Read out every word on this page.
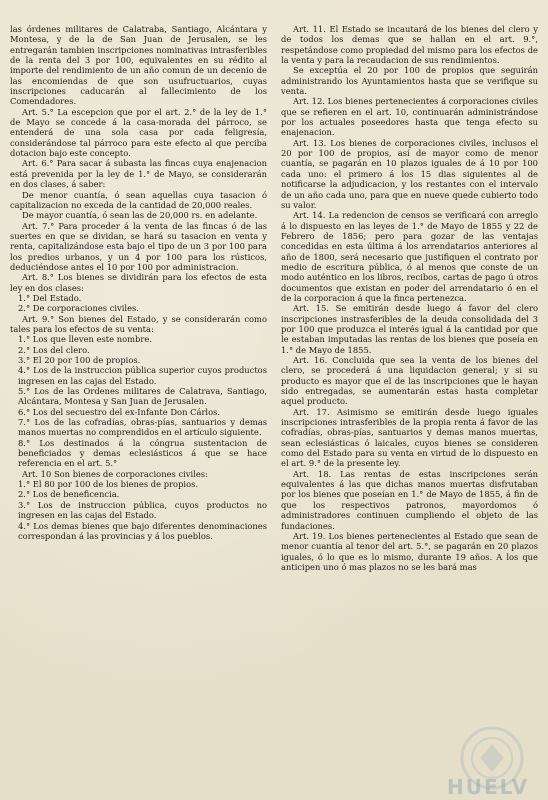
las órdenes militares de Calatraba, Santiago, Alcántara y Montesa, y de la de San Juan de Jerusalen, se les entregarán tambien inscripciones nominativas intrasferibles de la renta del 3 por 100, equivalentes en su rédito al importe del rendimiento de un año comun de un decenio de las encomiendas de que son usufructuarios, cuyas inscripciones caducarán al fallecimiento de los Comendadores.

Art. 5.° La escepcion que por el art. 2.° de la ley de 1.° de Mayo se concede á la casa-morada del párroco, se entenderá de una sola casa por cada feligresía, considerándose tal párroco para este efecto al que perciba dotacion bajo este concepto.

Art. 6.° Para sacar á subasta las fincas cuya enajenacion está prevenida por la ley de 1.° de Mayo, se considerarán en dos clases, á saber:

De menor cuantía, ó sean aquellas cuya tasacion ó capitalizacion no exceda de la cantidad de 20,000 reales.

De mayor cuantía, ó sean las de 20,000 rs. en adelante.

Art. 7.° Para proceder á la venta de las fincas ó de las suertes en que se dividan, se hará su tasacion en venta y renta, capitalizándose esta bajo el tipo de un 3 por 100 para los predios urbanos, y un 4 por 100 para los rústicos, deduciéndose antes el 10 por 100 por administracion.

Art. 8.° Los bienes se dividirán para los efectos de esta ley en dos clases:

1.° Del Estado.

2.° De corporaciones civiles.

Art. 9.° Son bienes del Estado, y se considerarán como tales para los efectos de su venta:

1.° Los que lleven este nombre.

2.° Los del clero.

3.° El 20 por 100 de propios.

4.° Los de la instruccion pública superior cuyos productos ingresen en las cajas del Estado.

5.° Los de las Ordenes militares de Calatrava, Santiago, Alcántara, Montesa y San Juan de Jerusalen.

6.° Los del secuestro del ex-Infante Don Cárlos.

7.° Los de las cofradías, obras-pías, santuarios y demas manos muertas no comprendidos en el artículo siguiente.

8.° Los destinados á la cóngrua sustentacion de beneficiados y demas eclesiásticos á que se hace referencia en el art. 5.°

Art. 10 Son bienes de corporaciones civiles:

1.° El 80 por 100 de los bienes de propios.

2.° Los de beneficencia.

3.° Los de instruccion pública, cuyos productos no ingresen en las cajas del Estado.

4.° Los demas bienes que bajo diferentes denominaciones correspondan á las provincias y á los pueblos.

Art. 11. El Estado se incautará de los bienes del clero y de todos los demas que se hallan en el art. 9.°, respetándose como propiedad del mismo para los efectos de la venta y para la recaudacion de sus rendimientos.

Se exceptúa el 20 por 100 de propios que seguirán administrando los Ayuntamientos hasta que se verifique su venta.

Art. 12. Los bienes pertenecientes á corporaciones civiles que se refieren en el art. 10, continuarán administrándose por los actuales poseedores hasta que tenga efecto su enajenacion.

Art. 13. Los bienes de corporaciones civiles, inclusos el 20 por 100 de propios, así de mayor como de menor cuantía, se pagarán en 10 plazos iguales de á 10 por 100 cada uno: el primero á los 15 dias siguientes al de notificarse la adjudicacion, y los restantes con el intervalo de un año cada uno, para que en nueve quede cubierto todo su valor.

Art. 14. La redencion de censos se verificará con arreglo á lo dispuesto en las leyes de 1.° de Mayo de 1855 y 22 de Febrero de 1856; pero para gozar de las ventajas concedidas en esta última á los arrendatarios anteriores al año de 1800, será necesario que justifiquen el contrato por medio de escritura pública, ó al menos que conste de un modo auténtico en los libros, recibos, cartas de pago ú otros documentos que existan en poder del arrendatario ó en el de la corporacion á que la finca pertenezca.

Art. 15. Se emitirán desde luego á favor del clero inscripciones instrasferibles de la deuda consolidada del 3 por 100 que produzca el interés igual á la cantidad por que le estaban imputadas las rentas de los bienes que poseía en 1.° de Mayo de 1855.

Art. 16. Concluida que sea la venta de los bienes del clero, se procederá á una liquidacion general; y si su producto es mayor que el de las inscripciones que le hayan sido entregadas, se aumentarán estas hasta completar aquel producto.

Art. 17. Asimismo se emitirán desde luego iguales inscripciones intrasferibles de la propia renta á favor de las cofradías, obras-pías, santuarios y demas manos muertas, sean eclesiásticas ó laicales, cuyos bienes se consideren como del Estado para su venta en virtud de lo dispuesto en el art. 9.° de la presente ley.

Art. 18. Las rentas de estas inscripciones serán equivalentes á las que dichas manos muertas disfrutaban por los bienes que poseían en 1.° de Mayo de 1855, á fin de que los respectivos patronos, mayordomos ó administradores continuen cumpliendo el objeto de las fundaciones.

Art. 19. Los bienes pertenecientes al Estado que sean de menor cuantía al tenor del art. 5.°, se pagarán en 20 plazos iguales, ó lo que es lo mismo, durante 19 años. A los que anticipen uno ó mas plazos no se les bará mas

HUELV
